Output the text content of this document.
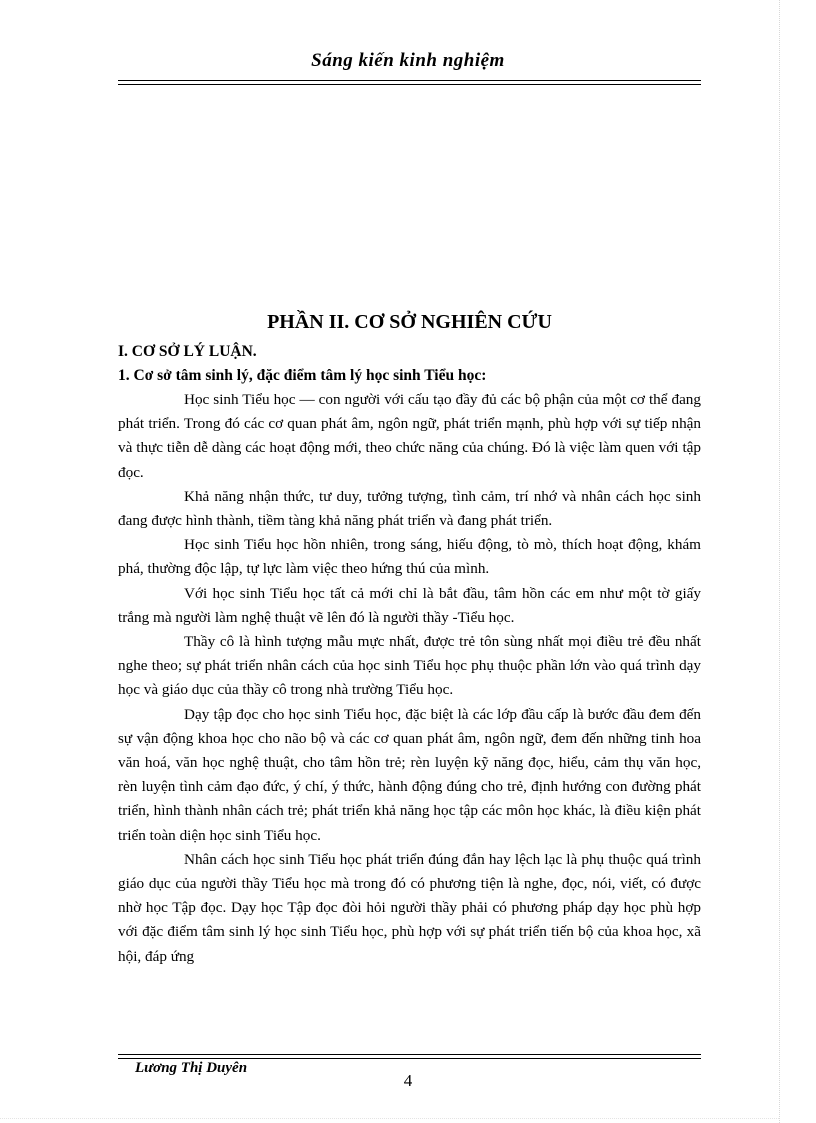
Sáng kiến kinh nghiệm
PHẦN II. CƠ SỞ NGHIÊN CỨU

I. CƠ SỞ LÝ LUẬN.

1. Cơ sở tâm sinh lý, đặc điểm tâm lý học sinh Tiểu học:

Học sinh Tiểu học — con người với cấu tạo đầy đủ các bộ phận của một cơ thể đang phát triển. Trong đó các cơ quan phát âm, ngôn ngữ, phát triển mạnh, phù hợp với sự tiếp nhận và thực tiễn dễ dàng các hoạt động mới, theo chức năng của chúng. Đó là việc làm quen với tập đọc.

Khả năng nhận thức, tư duy, tưởng tượng, tình cảm, trí nhớ và nhân cách học sinh đang được hình thành, tiềm tàng khả năng phát triển và đang phát triển.

Học sinh Tiểu học hồn nhiên, trong sáng, hiếu động, tò mò, thích hoạt động, khám phá, thường độc lập, tự lực làm việc theo hứng thú của mình.

Với học sinh Tiểu học tất cả mới chỉ là bắt đầu, tâm hồn các em như một tờ giấy trắng mà người làm nghệ thuật vẽ lên đó là người thầy -Tiểu học.

Thầy cô là hình tượng mẫu mực nhất, được trẻ tôn sùng nhất mọi điều trẻ đều nhất nghe theo; sự phát triển nhân cách của học sinh Tiểu học phụ thuộc phần lớn vào quá trình dạy học và giáo dục của thầy cô trong nhà trường Tiểu học.

Dạy tập đọc cho học sinh Tiểu học, đặc biệt là các lớp đầu cấp là bước đầu đem đến sự vận động khoa học cho não bộ và các cơ quan phát âm, ngôn ngữ, đem đến những tinh hoa văn hoá, văn học nghệ thuật, cho tâm hồn trẻ; rèn luyện kỹ năng đọc, hiểu, cảm thụ văn học, rèn luyện tình cảm đạo đức, ý chí, ý thức, hành động đúng cho trẻ, định hướng con đường phát triển, hình thành nhân cách trẻ; phát triển khả năng học tập các môn học khác, là điều kiện phát triển toàn diện học sinh Tiểu học.

Nhân cách học sinh Tiểu học phát triển đúng đắn hay lệch lạc là phụ thuộc quá trình giáo dục của người thầy Tiểu học mà trong đó có phương tiện là nghe, đọc, nói, viết, có được nhờ học Tập đọc. Dạy học Tập đọc đòi hỏi người thầy phải có phương pháp dạy học phù hợp với đặc điểm tâm sinh lý học sinh Tiểu học, phù hợp với sự phát triển tiến bộ của khoa học, xã hội, đáp ứng

Lương Thị Duyên
4
